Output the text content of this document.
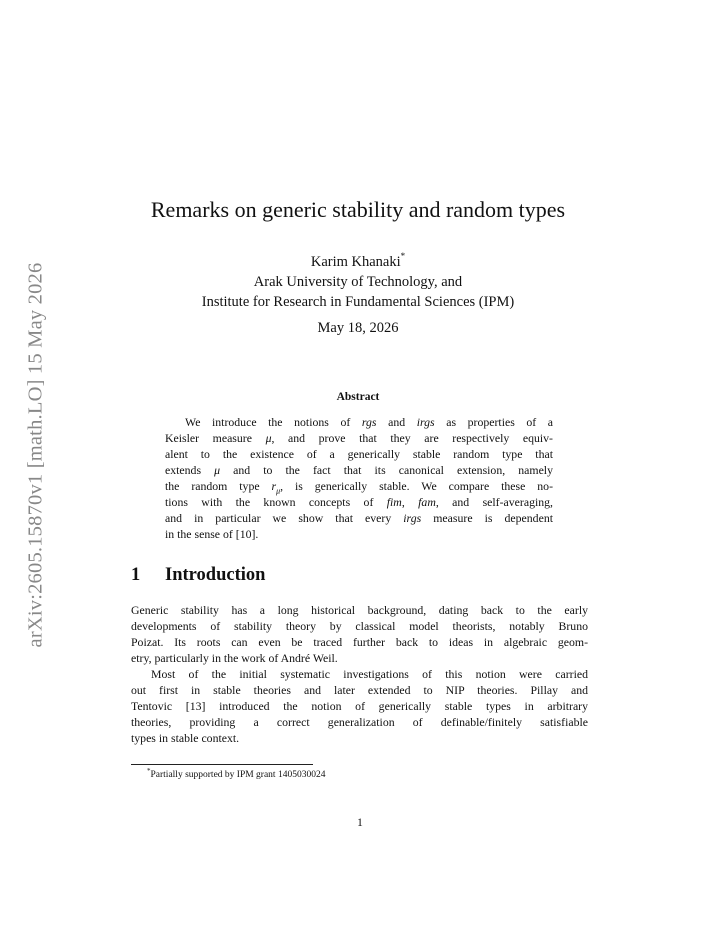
arXiv:2605.15870v1 [math.LO] 15 May 2026
Remarks on generic stability and random types
Karim Khanaki*
Arak University of Technology, and
Institute for Research in Fundamental Sciences (IPM)
May 18, 2026
Abstract
We introduce the notions of rgs and irgs as properties of a
Keisler measure μ, and prove that they are respectively equiv-
alent to the existence of a generically stable random type that
extends μ and to the fact that its canonical extension, namely
the random type $r_\mu$, is generically stable. We compare these no-
tions with the known concepts of fim, fam, and self-averaging,
and in particular we show that every irgs measure is dependent
in the sense of [10].
1 Introduction
Generic stability has a long historical background, dating back to the early
developments of stability theory by classical model theorists, notably Bruno
Poizat. Its roots can even be traced further back to ideas in algebraic geom-
etry, particularly in the work of André Weil.
Most of the initial systematic investigations of this notion were carried
out first in stable theories and later extended to NIP theories. Pillay and
Tentovic [13] introduced the notion of generically stable types in arbitrary
theories, providing a correct generalization of definable/finitely satisfiable
types in stable context.
*Partially supported by IPM grant 1405030024
1
